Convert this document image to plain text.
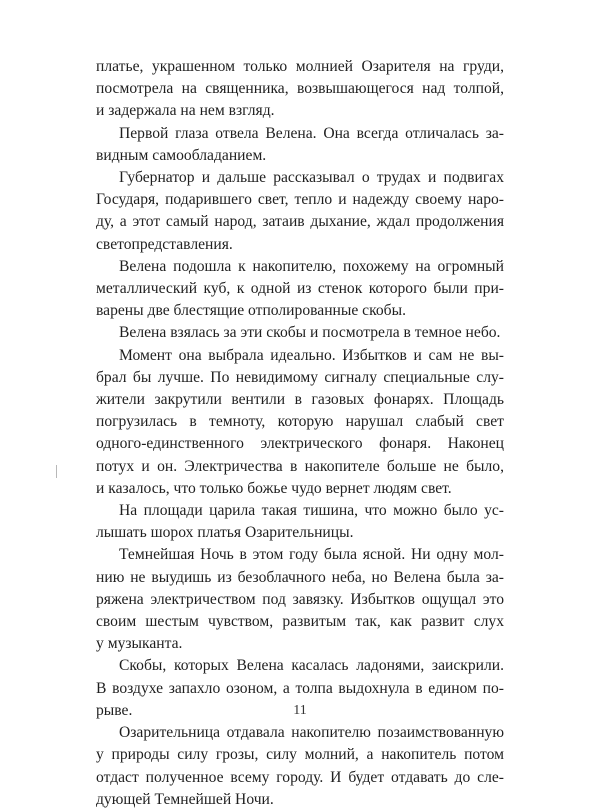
платье, украшенном только молнией Озарителя на груди,
посмотрела на священника, возвышающегося над толпой,
и задержала на нем взгляд.

Первой глаза отвела Велена. Она всегда отличалась за-
видным самообладанием.

Губернатор и дальше рассказывал о трудах и подвигах
Государя, подарившего свет, тепло и надежду своему наро-
ду, а этот самый народ, затаив дыхание, ждал продолжения
светопредставления.

Велена подошла к накопителю, похожему на огромный
металлический куб, к одной из стенок которого были при-
варены две блестящие отполированные скобы.

Велена взялась за эти скобы и посмотрела в темное небо.

Момент она выбрала идеально. Избытков и сам не вы-
брал бы лучше. По невидимому сигналу специальные слу-
жители закрутили вентили в газовых фонарях. Площадь
погрузилась в темноту, которую нарушал слабый свет
одного-единственного электрического фонаря. Наконец
потух и он. Электричества в накопителе больше не было,
и казалось, что только божье чудо вернет людям свет.

На площади царила такая тишина, что можно было ус-
лышать шорох платья Озарительницы.

Темнейшая Ночь в этом году была ясной. Ни одну мол-
нию не выудишь из безоблачного неба, но Велена была за-
ряжена электричеством под завязку. Избытков ощущал это
своим шестым чувством, развитым так, как развит слух
у музыканта.

Скобы, которых Велена касалась ладонями, заискрили.
В воздухе запахло озоном, а толпа выдохнула в едином по-
рыве.

Озарительница отдавала накопителю позаимствованную
у природы силу грозы, силу молний, а накопитель потом
отдаст полученное всему городу. И будет отдавать до сле-
дующей Темнейшей Ночи.

11
